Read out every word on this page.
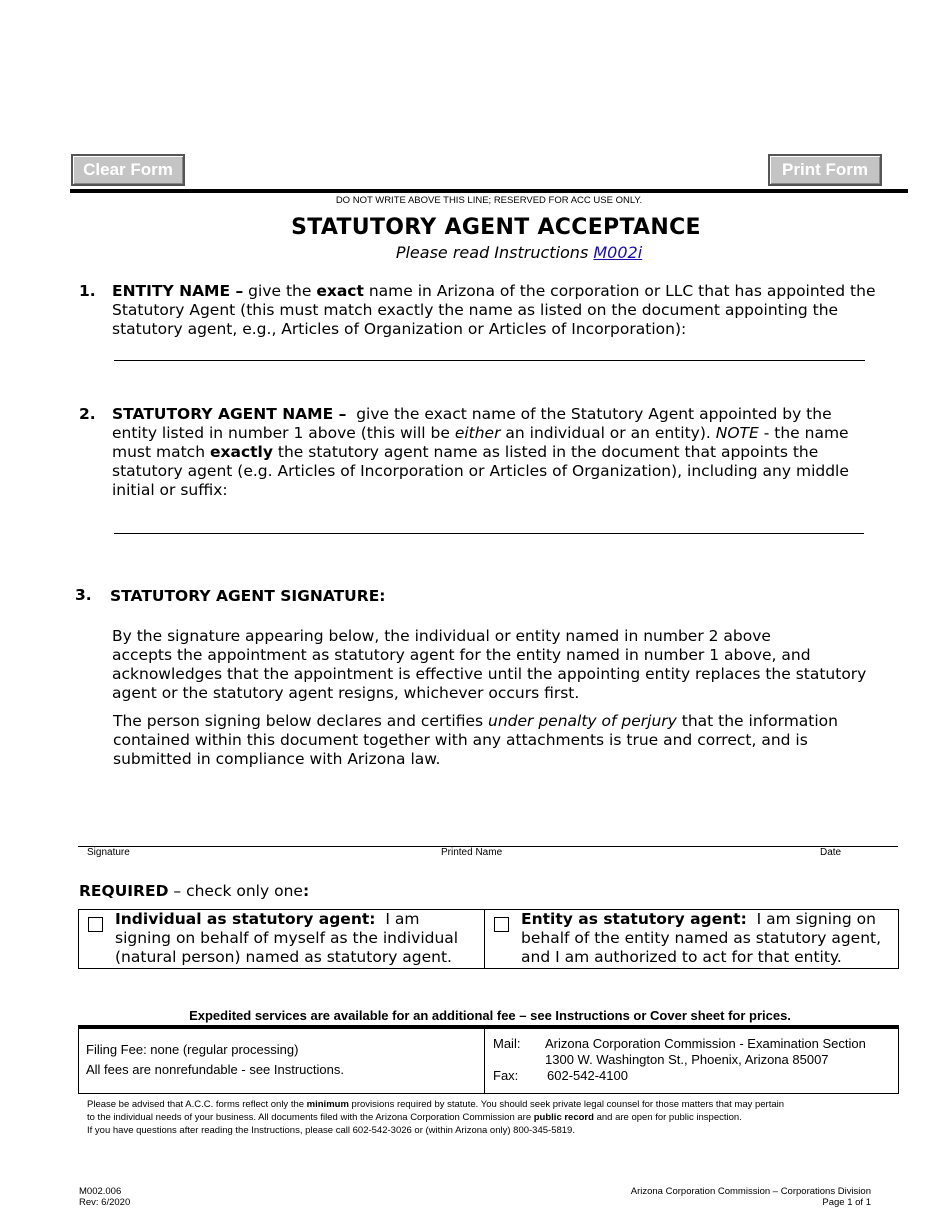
Clear Form	Print Form
DO NOT WRITE ABOVE THIS LINE; RESERVED FOR ACC USE ONLY.
STATUTORY AGENT ACCEPTANCE
Please read Instructions M002i
1. ENTITY NAME – give the exact name in Arizona of the corporation or LLC that has appointed the
Statutory Agent (this must match exactly the name as listed on the document appointing the
statutory agent, e.g., Articles of Organization or Articles of Incorporation):
2. STATUTORY AGENT NAME – give the exact name of the Statutory Agent appointed by the
entity listed in number 1 above (this will be either an individual or an entity). NOTE - the name
must match exactly the statutory agent name as listed in the document that appoints the
statutory agent (e.g. Articles of Incorporation or Articles of Organization), including any middle
initial or suffix:
3. STATUTORY AGENT SIGNATURE:
By the signature appearing below, the individual or entity named in number 2 above
accepts the appointment as statutory agent for the entity named in number 1 above, and
acknowledges that the appointment is effective until the appointing entity replaces the statutory
agent or the statutory agent resigns, whichever occurs first.
The person signing below declares and certifies under penalty of perjury that the information
contained within this document together with any attachments is true and correct, and is
submitted in compliance with Arizona law.
Signature	Printed Name	Date
REQUIRED – check only one:
Individual as statutory agent: I am
signing on behalf of myself as the individual
(natural person) named as statutory agent.
Entity as statutory agent: I am signing on
behalf of the entity named as statutory agent,
and I am authorized to act for that entity.
Expedited services are available for an additional fee – see Instructions or Cover sheet for prices.
Filing Fee: none (regular processing)
All fees are nonrefundable - see Instructions.
Mail: Arizona Corporation Commission - Examination Section
1300 W. Washington St., Phoenix, Arizona 85007
Fax: 602-542-4100
Please be advised that A.C.C. forms reflect only the minimum provisions required by statute. You should seek private legal counsel for those matters that may pertain
to the individual needs of your business. All documents filed with the Arizona Corporation Commission are public record and are open for public inspection.
If you have questions after reading the Instructions, please call 602-542-3026 or (within Arizona only) 800-345-5819.
M002.006
Rev: 6/2020
Arizona Corporation Commission – Corporations Division
Page 1 of 1
